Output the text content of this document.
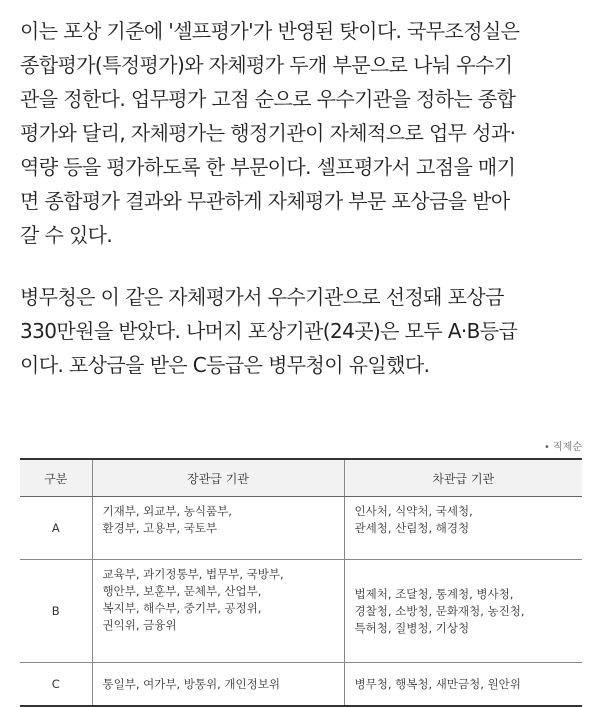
이는 포상 기준에 '셀프평가'가 반영된 탓이다. 국무조정실은
종합평가(특정평가)와 자체평가 두개 부문으로 나눠 우수기
관을 정한다. 업무평가 고점 순으로 우수기관을 정하는 종합
평가와 달리, 자체평가는 행정기관이 자체적으로 업무 성과·
역량 등을 평가하도록 한 부문이다. 셀프평가서 고점을 매기
면 종합평가 결과와 무관하게 자체평가 부문 포상금을 받아
갈 수 있다.

병무청은 이 같은 자체평가서 우수기관으로 선정돼 포상금
330만원을 받았다. 나머지 포상기관(24곳)은 모두 A·B등급
이다. 포상금을 받은 C등급은 병무청이 유일했다.

• 직제순
구분	장관급 기관	차관급 기관
A	기재부, 외교부, 농식품부,
환경부, 고용부, 국토부	인사처, 식약처, 국세청,
관세청, 산림청, 해경청

B	교육부, 과기정통부, 법무부, 국방부,
행안부, 보훈부, 문체부, 산업부,
복지부, 해수부, 중기부, 공정위,
권익위, 금융위	법제처, 조달청, 통계청, 병사청,
경찰청, 소방청, 문화재청, 농진청,
특허청, 질병청, 기상청

C	통일부, 여가부, 방통위, 개인정보위	병무청, 행복청, 새만금청, 원안위
